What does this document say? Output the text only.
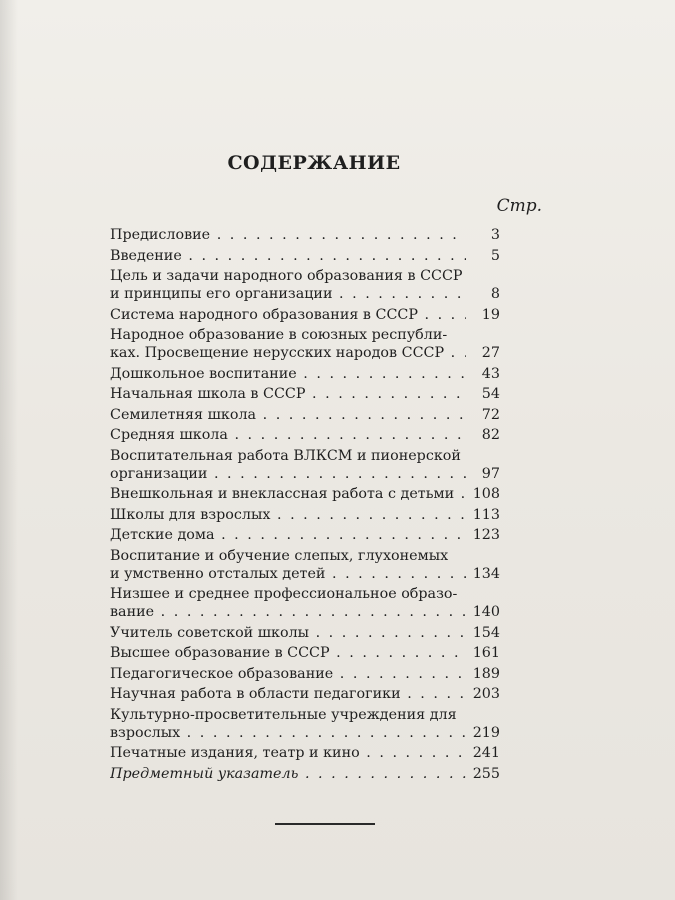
СОДЕРЖАНИЕ
Стр.
Предисловие . . .	3
Введение . . .	5
Цель и задачи народного образования в СССР
и принципы его организации . . .	8
Система народного образования в СССР . . .	19
Народное образование в союзных республи-
ках. Просвещение нерусских народов СССР . . .	27
Дошкольное воспитание . . .	43
Начальная школа в СССР . . .	54
Семилетняя школа . . .	72
Средняя школа . . .	82
Воспитательная работа ВЛКСМ и пионерской
организации . . .	97
Внешкольная и внеклассная работа с детьми . . .	108
Школы для взрослых . . .	113
Детские дома . . .	123
Воспитание и обучение слепых, глухонемых
и умственно отсталых детей . . .	134
Низшее и среднее профессиональное образо-
вание . . .	140
Учитель советской школы . . .	154
Высшее образование в СССР . . .	161
Педагогическое образование . . .	189
Научная работа в области педагогики . . .	203
Культурно-просветительные учреждения для
взрослых . . .	219
Печатные издания, театр и кино . . .	241
Предметный указатель . . .	255
